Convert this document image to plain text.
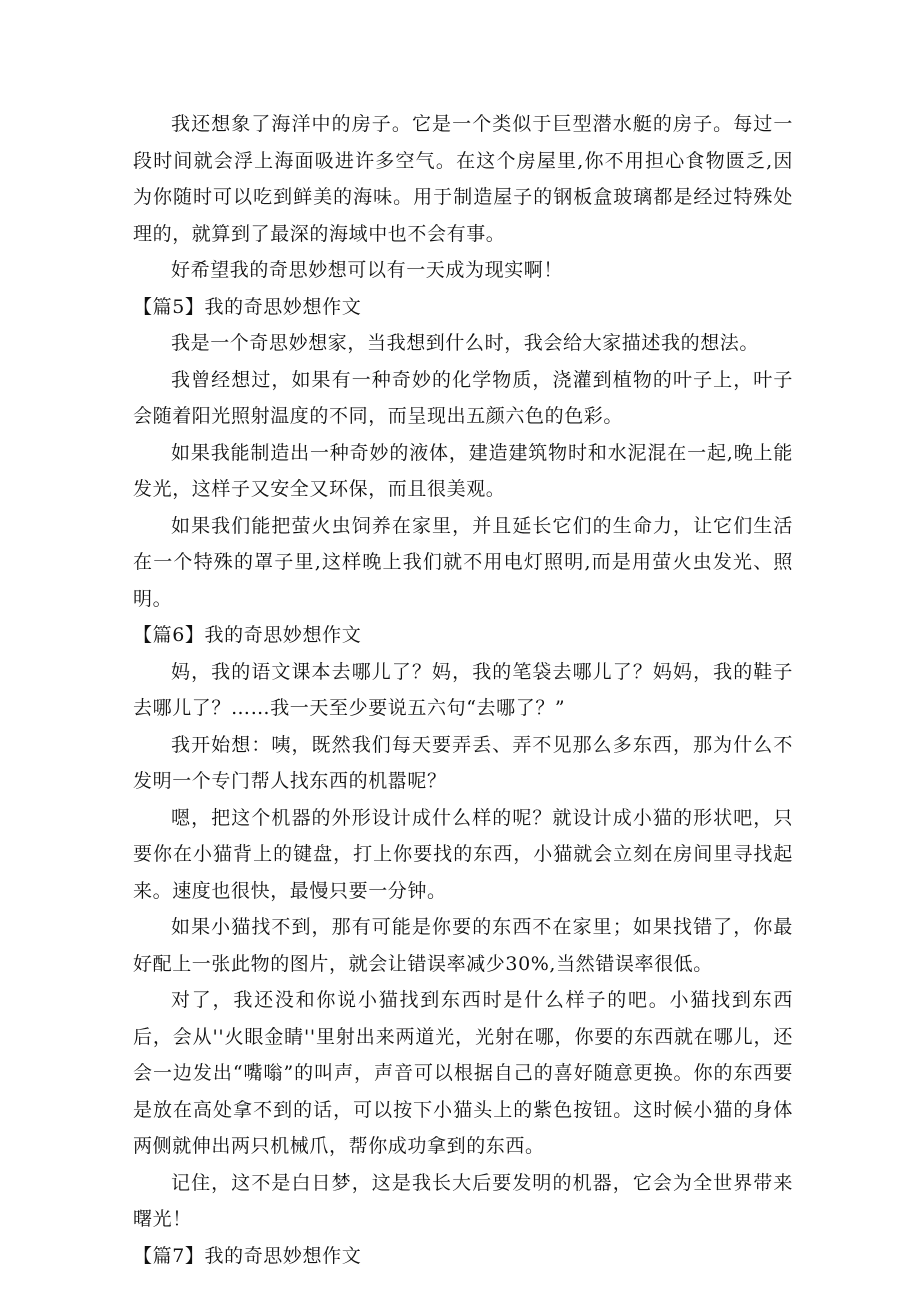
我还想象了海洋中的房子。它是一个类似于巨型潜水艇的房子。每过一段时间就会浮上海面吸进许多空气。在这个房屋里,你不用担心食物匮乏,因为你随时可以吃到鲜美的海味。用于制造屋子的钢板盒玻璃都是经过特殊处理的，就算到了最深的海域中也不会有事。

好希望我的奇思妙想可以有一天成为现实啊！

【篇5】我的奇思妙想作文

我是一个奇思妙想家，当我想到什么时，我会给大家描述我的想法。

我曾经想过，如果有一种奇妙的化学物质，浇灌到植物的叶子上，叶子会随着阳光照射温度的不同，而呈现出五颜六色的色彩。

如果我能制造出一种奇妙的液体，建造建筑物时和水泥混在一起,晚上能发光，这样子又安全又环保，而且很美观。

如果我们能把萤火虫饲养在家里，并且延长它们的生命力，让它们生活在一个特殊的罩子里,这样晚上我们就不用电灯照明,而是用萤火虫发光、照明。

【篇6】我的奇思妙想作文

妈，我的语文课本去哪儿了？妈，我的笔袋去哪儿了？妈妈，我的鞋子去哪儿了？……我一天至少要说五六句“去哪了？”

我开始想：咦，既然我们每天要弄丢、弄不见那么多东西，那为什么不发明一个专门帮人找东西的机嚣呢？

嗯，把这个机器的外形设计成什么样的呢？就设计成小猫的形状吧，只要你在小猫背上的键盘，打上你要找的东西，小猫就会立刻在房间里寻找起来。速度也很快，最慢只要一分钟。

如果小猫找不到，那有可能是你要的东西不在家里；如果找错了，你最好配上一张此物的图片，就会让错误率减少30%,当然错误率很低。

对了，我还没和你说小猫找到东西时是什么样子的吧。小猫找到东西后，会从''火眼金睛''里射出来两道光，光射在哪，你要的东西就在哪儿，还会一边发出“嘴嗡”的叫声，声音可以根据自己的喜好随意更换。你的东西要是放在高处拿不到的话，可以按下小猫头上的紫色按钮。这时候小猫的身体两侧就伸出两只机械爪，帮你成功拿到的东西。

记住，这不是白日梦，这是我长大后要发明的机器，它会为全世界带来曙光！

【篇7】我的奇思妙想作文
